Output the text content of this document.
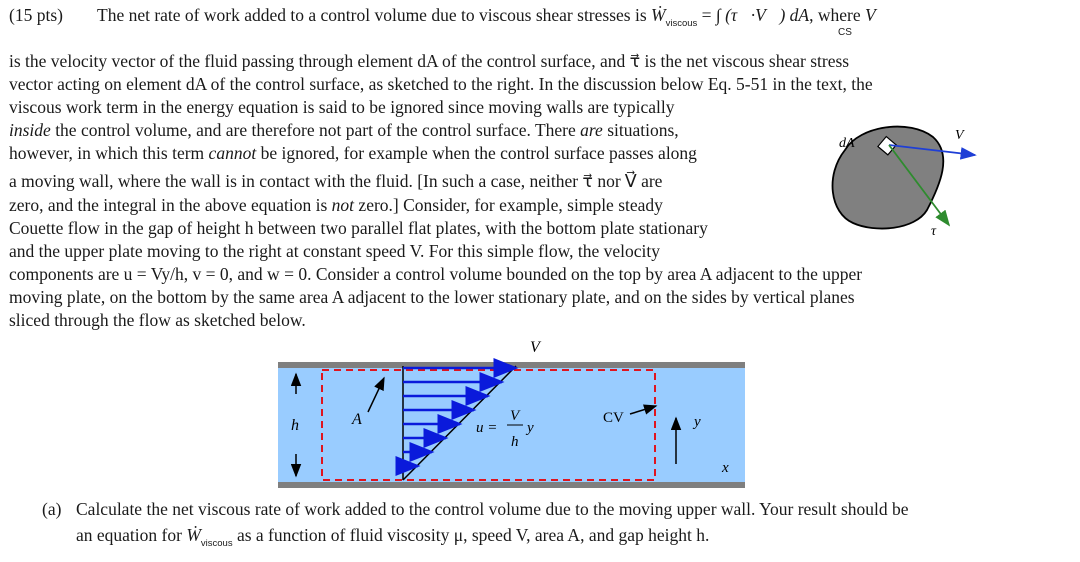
(15 pts) The net rate of work added to a control volume due to viscous shear stresses is Ẇ$_{viscous}$ = ∫ (τ⃗·V⃗) dA, where V⃗
CS
is the velocity vector of the fluid passing through element dA of the control surface, and τ⃗ is the net viscous shear stress
vector acting on element dA of the control surface, as sketched to the right. In the discussion below Eq. 5-51 in the text, the
viscous work term in the energy equation is said to be ignored since moving walls are typically
inside the control volume, and are therefore not part of the control surface. There are situations,
however, in which this term cannot be ignored, for example when the control surface passes along
a moving wall, where the wall is in contact with the fluid. [In such a case, neither τ⃗ nor V⃗ are
zero, and the integral in the above equation is not zero.] Consider, for example, simple steady
Couette flow in the gap of height h between two parallel flat plates, with the bottom plate stationary
and the upper plate moving to the right at constant speed V. For this simple flow, the velocity
components are u = Vy/h, v = 0, and w = 0. Consider a control volume bounded on the top by area A adjacent to the upper
moving plate, on the bottom by the same area A adjacent to the lower stationary plate, and on the sides by vertical planes
sliced through the flow as sketched below.
dA
V⃗
τ⃗
V
h	A	u =
V
h
y
CV	y
x
(a) Calculate the net viscous rate of work added to the control volume due to the moving upper wall. Your result should be
an equation for Ẇ$_{viscous}$ as a function of fluid viscosity μ, speed V, area A, and gap height h.
